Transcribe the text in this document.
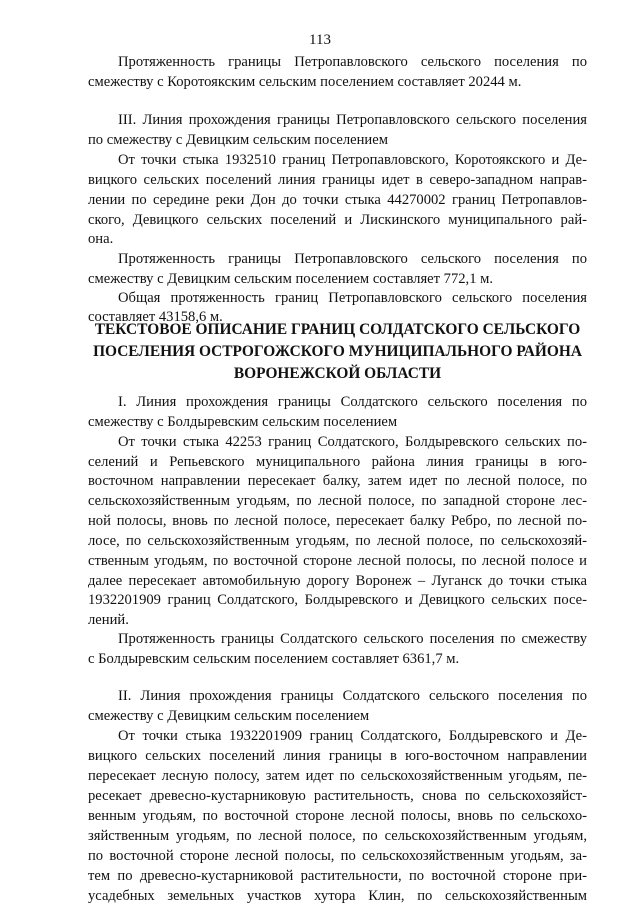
113
Протяженность границы Петропавловского сельского поселения по
смежеству с Коротоякским сельским поселением составляет 20244 м.
III. Линия прохождения границы Петропавловского сельского поселения
по смежеству с Девицким сельским поселением
От точки стыка 1932510 границ Петропавловского, Коротоякского и Де-
вицкого сельских поселений линия границы идет в северо-западном направ-
лении по середине реки Дон до точки стыка 44270002 границ Петропавлов-
ского, Девицкого сельских поселений и Лискинского муниципального рай-
она.
Протяженность границы Петропавловского сельского поселения по
смежеству с Девицким сельским поселением составляет 772,1 м.
Общая протяженность границ Петропавловского сельского поселения
составляет 43158,6 м.
ТЕКСТОВОЕ ОПИСАНИЕ ГРАНИЦ СОЛДАТСКОГО СЕЛЬСКОГО
ПОСЕЛЕНИЯ ОСТРОГОЖСКОГО МУНИЦИПАЛЬНОГО РАЙОНА
ВОРОНЕЖСКОЙ ОБЛАСТИ
I. Линия прохождения границы Солдатского сельского поселения по
смежеству с Болдыревским сельским поселением
От точки стыка 42253 границ Солдатского, Болдыревского сельских по-
селений и Репьевского муниципального района линия границы в юго-
восточном направлении пересекает балку, затем идет по лесной полосе, по
сельскохозяйственным угодьям, по лесной полосе, по западной стороне лес-
ной полосы, вновь по лесной полосе, пересекает балку Ребро, по лесной по-
лосе, по сельскохозяйственным угодьям, по лесной полосе, по сельскохозяй-
ственным угодьям, по восточной стороне лесной полосы, по лесной полосе и
далее пересекает автомобильную дорогу Воронеж – Луганск до точки стыка
1932201909 границ Солдатского, Болдыревского и Девицкого сельских посе-
лений.
Протяженность границы Солдатского сельского поселения по смежеству
с Болдыревским сельским поселением составляет 6361,7 м.
II. Линия прохождения границы Солдатского сельского поселения по
смежеству с Девицким сельским поселением
От точки стыка 1932201909 границ Солдатского, Болдыревского и Де-
вицкого сельских поселений линия границы в юго-восточном направлении
пересекает лесную полосу, затем идет по сельскохозяйственным угодьям, пе-
ресекает древесно-кустарниковую растительность, снова по сельскохозяйст-
венным угодьям, по восточной стороне лесной полосы, вновь по сельскохо-
зяйственным угодьям, по лесной полосе, по сельскохозяйственным угодьям,
по восточной стороне лесной полосы, по сельскохозяйственным угодьям, за-
тем по древесно-кустарниковой растительности, по восточной стороне при-
усадебных земельных участков хутора Клин, по сельскохозяйственным
